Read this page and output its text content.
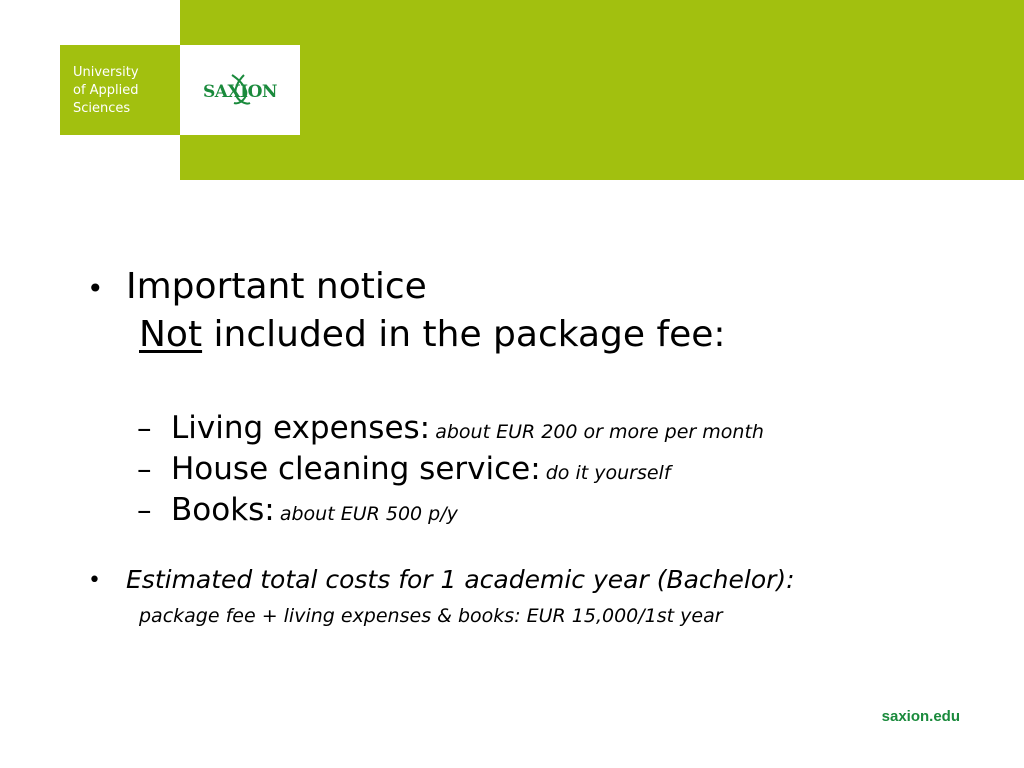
University
of Applied
Sciences
SAXION
• Important notice
Not included in the package fee:
– Living expenses: about EUR 200 or more per month
– House cleaning service: do it yourself
– Books: about EUR 500 p/y
• Estimated total costs for 1 academic year (Bachelor):
package fee + living expenses & books: EUR 15,000/1st year
saxion.edu
